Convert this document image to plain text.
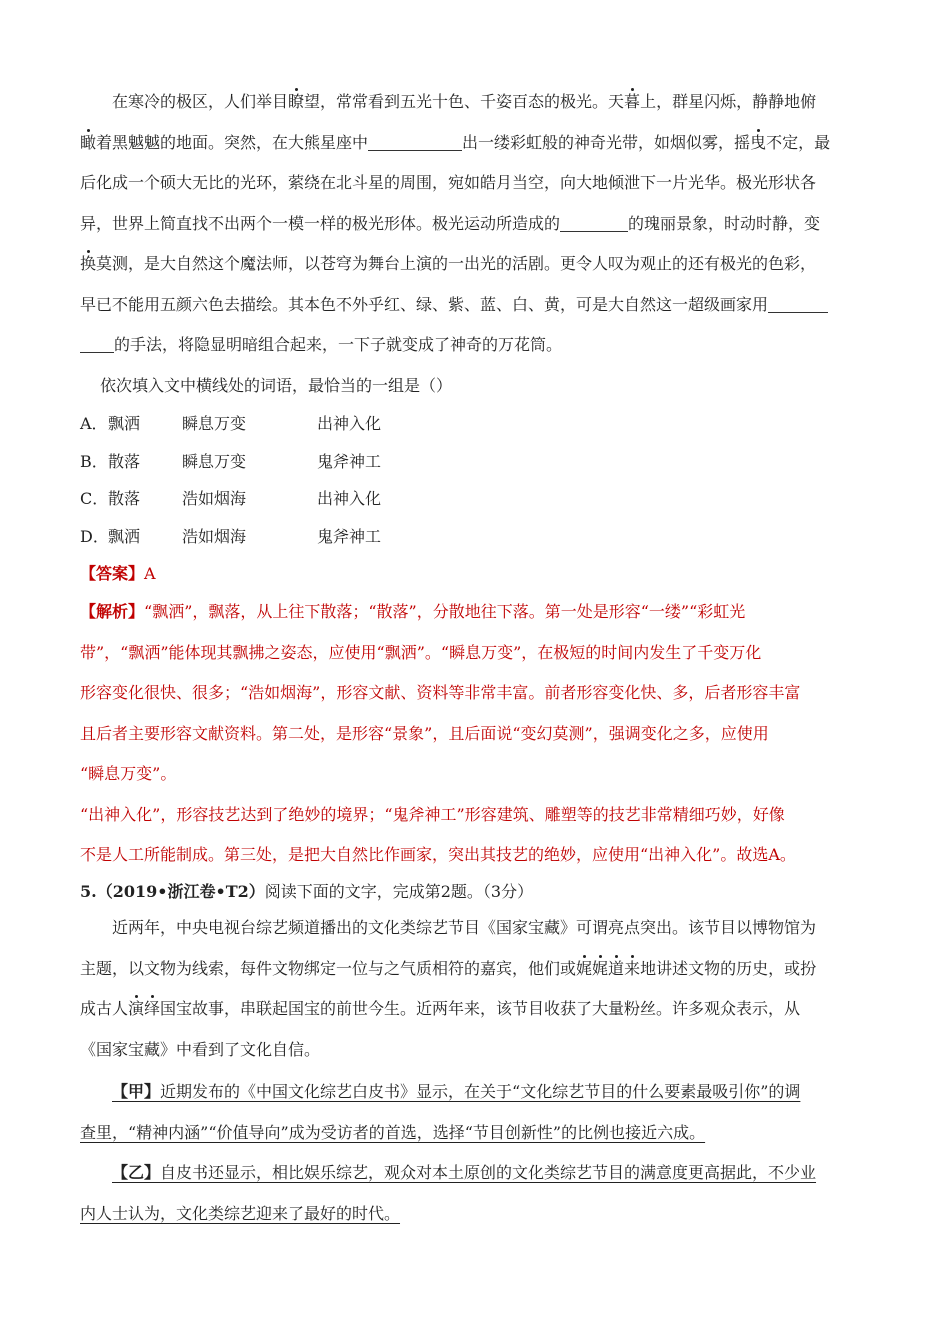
在寒冷的极区，人们举目瞭望，常常看到五光十色、千姿百态的极光。天暮上，群星闪烁，静静地俯
瞰着黑魆魆的地面。突然，在大熊星座中	出一缕彩虹般的神奇光带，如烟似雾，摇曳不定，最
后化成一个硕大无比的光环，萦绕在北斗星的周围，宛如皓月当空，向大地倾泄下一片光华。极光形状各
异，世界上简直找不出两个一模一样的极光形体。极光运动所造成的	的瑰丽景象，时动时静，变
换莫测，是大自然这个魔法师，以苍穹为舞台上演的一出光的活剧。更令人叹为观止的还有极光的色彩，
早已不能用五颜六色去描绘。其本色不外乎红、绿、紫、蓝、白、黄，可是大自然这一超级画家用
的手法，将隐显明暗组合起来，一下子就变成了神奇的万花筒。
依次填入文中横线处的词语，最恰当的一组是（）
A． 飘洒	瞬息万变	出神入化
B． 散落	瞬息万变	鬼斧神工
C． 散落	浩如烟海	出神入化
D． 飘洒	浩如烟海	鬼斧神工
【答案】A
【解析】“飘洒”，飘落，从上往下散落；“散落”，分散地往下落。第一处是形容“一缕”“彩虹光
带”，“飘洒”能体现其飘拂之姿态，应使用“飘洒”。“瞬息万变”，在极短的时间内发生了千变万化
形容变化很快、很多；“浩如烟海”，形容文献、资料等非常丰富。前者形容变化快、多，后者形容丰富
且后者主要形容文献资料。第二处，是形容“景象”，且后面说“变幻莫测”，强调变化之多，应使用
“瞬息万变”。
“出神入化”，形容技艺达到了绝妙的境界；“鬼斧神工”形容建筑、雕塑等的技艺非常精细巧妙，好像
不是人工所能制成。第三处，是把大自然比作画家，突出其技艺的绝妙，应使用“出神入化”。故选A。
5.（2019•浙江卷•T2）阅读下面的文字，完成第2题。（3分）
近两年，中央电视台综艺频道播出的文化类综艺节目《国家宝藏》可谓亮点突出。该节目以博物馆为
主题，以文物为线索，每件文物绑定一位与之气质相符的嘉宾，他们或娓娓道来地讲述文物的历史，或扮
成古人演绎国宝故事，串联起国宝的前世今生。近两年来，该节目收获了大量粉丝。许多观众表示，从
《国家宝藏》中看到了文化自信。
【甲】近期发布的《中国文化综艺白皮书》显示，在关于“文化综艺节目的什么要素最吸引你”的调
查里，“精神内涵”“价值导向”成为受访者的首选，选择“节目创新性”的比例也接近六成。
【乙】自皮书还显示，相比娱乐综艺，观众对本土原创的文化类综艺节目的满意度更高据此，不少业
内人士认为，文化类综艺迎来了最好的时代。
